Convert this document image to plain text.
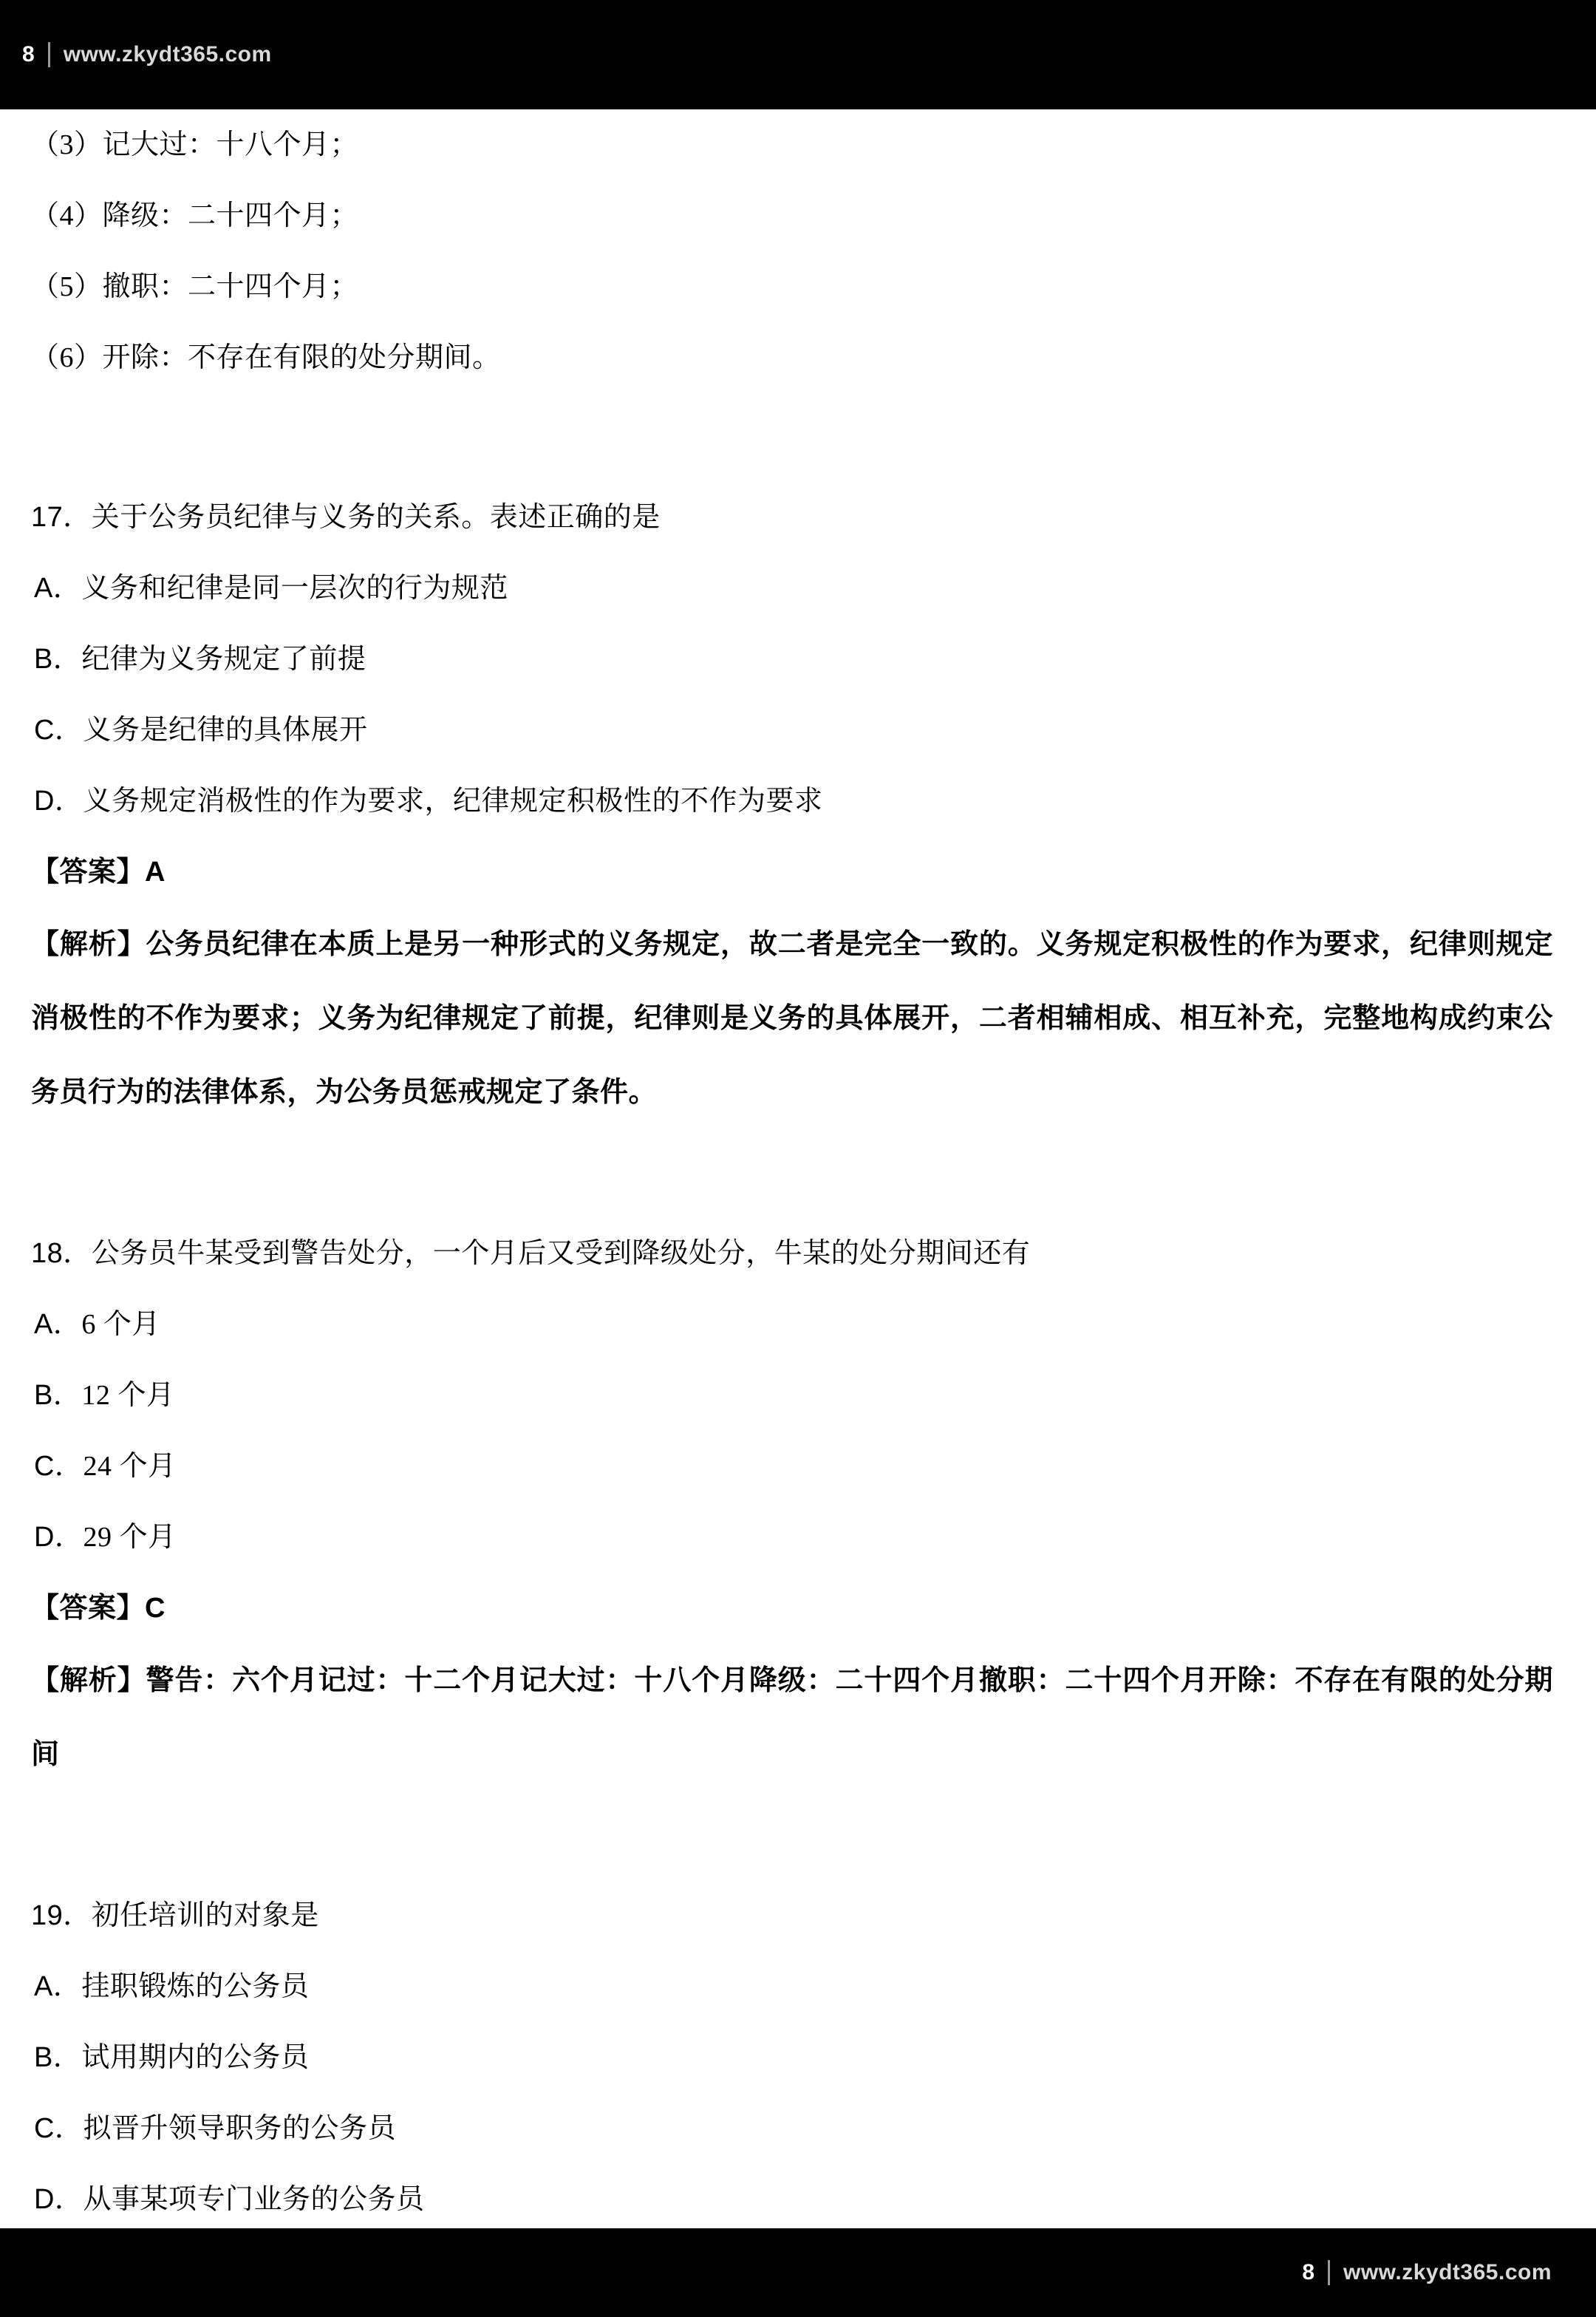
8 www.zkydt365.com
（3）记大过：十八个月；
（4）降级：二十四个月；
（5）撤职：二十四个月；
（6）开除：不存在有限的处分期间。
17．关于公务员纪律与义务的关系。表述正确的是
A．义务和纪律是同一层次的行为规范
B．纪律为义务规定了前提
C．义务是纪律的具体展开
D．义务规定消极性的作为要求，纪律规定积极性的不作为要求
【答案】A
【解析】公务员纪律在本质上是另一种形式的义务规定，故二者是完全一致的。义务规定积极性的作为要求，纪律则规定消极性的不作为要求；义务为纪律规定了前提，纪律则是义务的具体展开，二者相辅相成、相互补充，完整地构成约束公务员行为的法律体系，为公务员惩戒规定了条件。
18．公务员牛某受到警告处分，一个月后又受到降级处分，牛某的处分期间还有
A．6 个月
B．12 个月
C．24 个月
D．29 个月
【答案】C
【解析】警告：六个月记过：十二个月记大过：十八个月降级：二十四个月撤职：二十四个月开除：不存在有限的处分期间
19．初任培训的对象是
A．挂职锻炼的公务员
B．试用期内的公务员
C．拟晋升领导职务的公务员
D．从事某项专门业务的公务员
8 www.zkydt365.com
